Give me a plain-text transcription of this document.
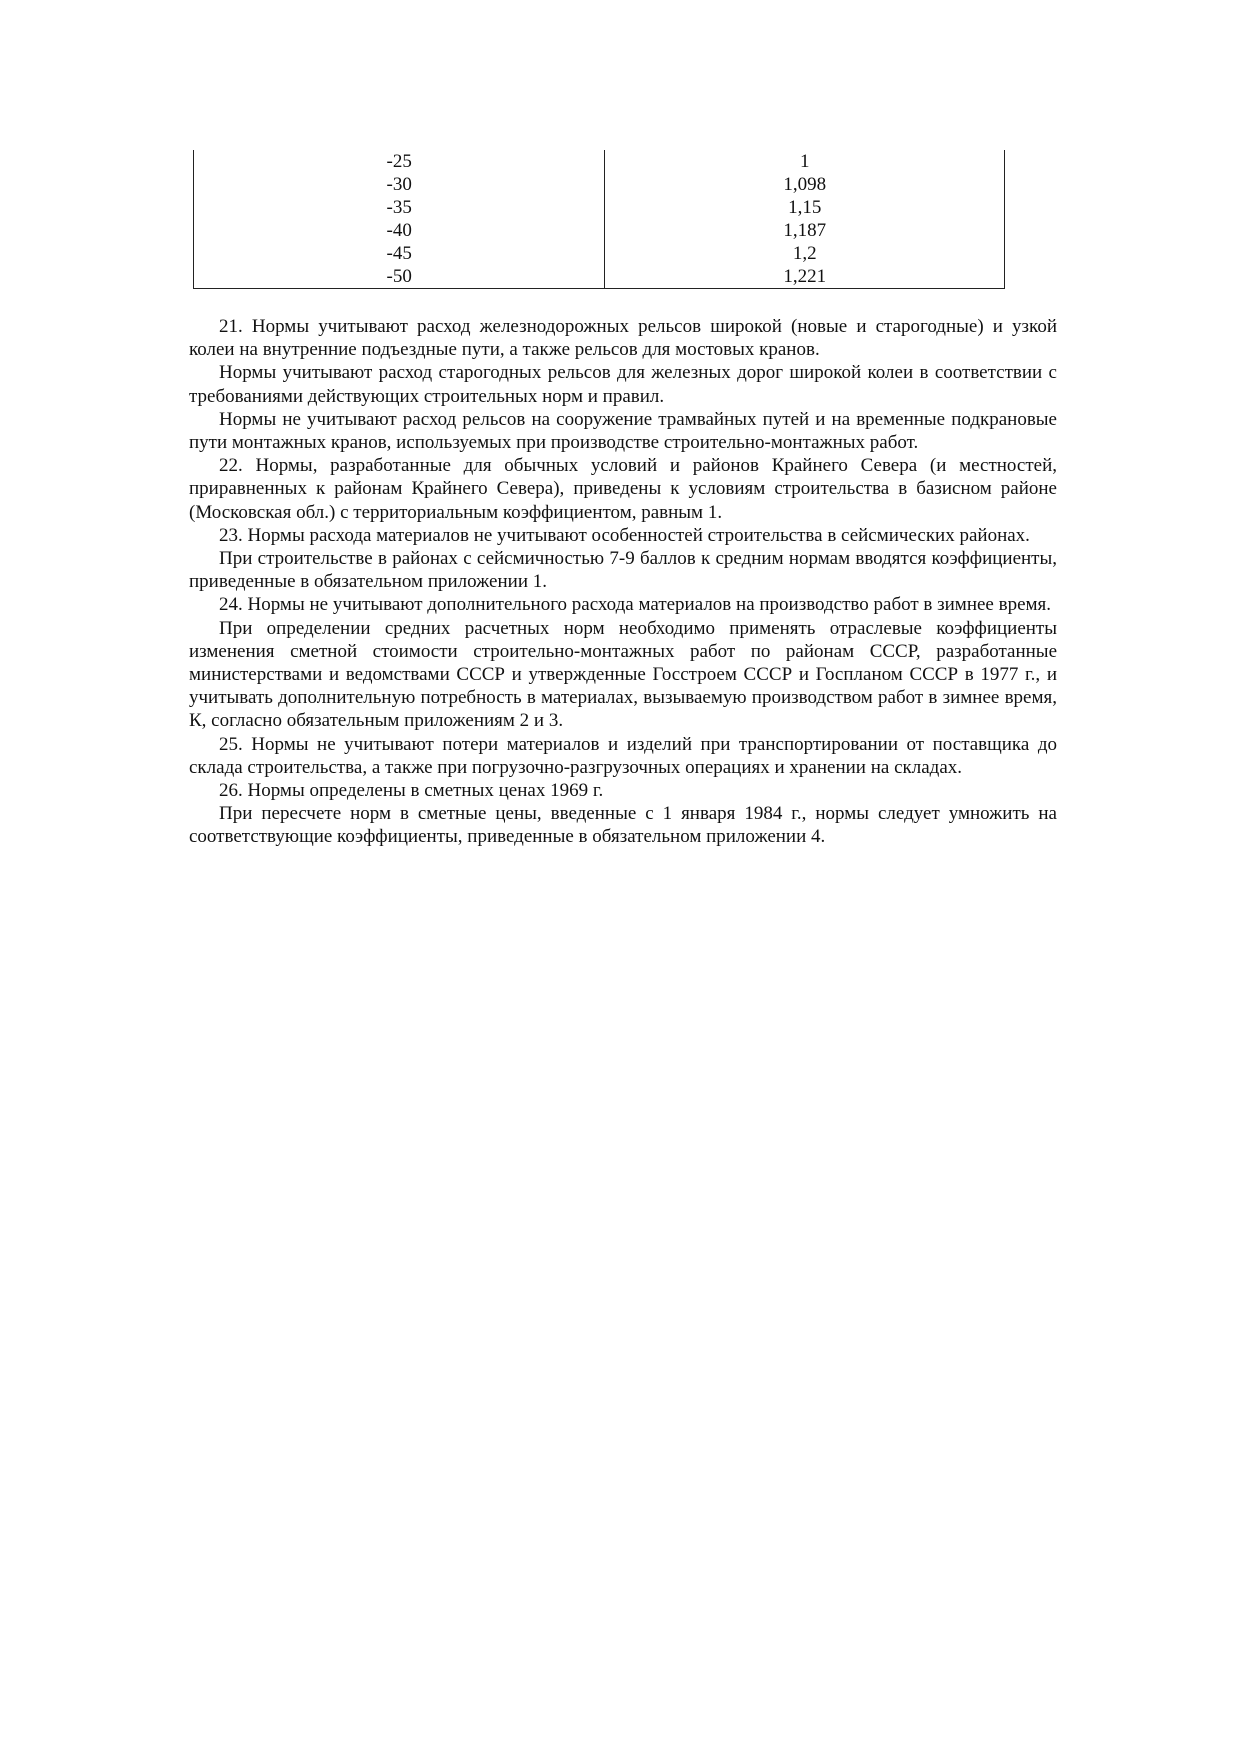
-25	1
-30	1,098
-35	1,15
-40	1,187
-45	1,2
-50	1,221

21. Нормы учитывают расход железнодорожных рельсов широкой (новые и старогодные) и узкой колеи на внутренние подъездные пути, а также рельсов для мостовых кранов.

Нормы учитывают расход старогодных рельсов для железных дорог широкой колеи в соответствии с требованиями действующих строительных норм и правил.

Нормы не учитывают расход рельсов на сооружение трамвайных путей и на временные подкрановые пути монтажных кранов, используемых при производстве строительно-монтажных работ.

22. Нормы, разработанные для обычных условий и районов Крайнего Севера (и местностей, приравненных к районам Крайнего Севера), приведены к условиям строительства в базисном районе (Московская обл.) с территориальным коэффициентом, равным 1.

23. Нормы расхода материалов не учитывают особенностей строительства в сейсмических районах.

При строительстве в районах с сейсмичностью 7-9 баллов к средним нормам вводятся коэффициенты, приведенные в обязательном приложении 1.

24. Нормы не учитывают дополнительного расхода материалов на производство работ в зимнее время.

При определении средних расчетных норм необходимо применять отраслевые коэффициенты изменения сметной стоимости строительно-монтажных работ по районам СССР, разработанные министерствами и ведомствами СССР и утвержденные Госстроем СССР и Госпланом СССР в 1977 г., и учитывать дополнительную потребность в материалах, вызываемую производством работ в зимнее время, К, согласно обязательным приложениям 2 и 3.

25. Нормы не учитывают потери материалов и изделий при транспортировании от поставщика до склада строительства, а также при погрузочно-разгрузочных операциях и хранении на складах.

26. Нормы определены в сметных ценах 1969 г.

При пересчете норм в сметные цены, введенные с 1 января 1984 г., нормы следует умножить на соответствующие коэффициенты, приведенные в обязательном приложении 4.
